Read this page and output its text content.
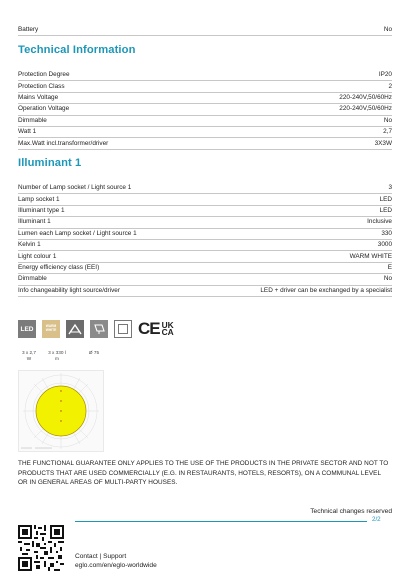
Battery	No
Technical Information
Protection Degree	IP20
Protection Class	2
Mains Voltage	220-240V,50/60Hz
Operation Voltage	220-240V,50/60Hz
Dimmable	No
Watt 1	2,7
Max.Watt incl.transformer/driver	3X3W
Illuminant 1
Number of Lamp socket / Light source 1	3
Lamp socket 1	LED
Illuminant type 1	LED
Illuminant 1	Inclusive
Lumen each Lamp socket / Light source 1	330
Kelvin 1	3000
Light colour 1	WARM WHITE
Energy efficiency class (EEI)	E
Dimmable	No
Info changeability light source/driver	LED + driver can be exchanged by a specialist
LED	WARM
WHITE	CE UK
CA
3 x 2,7
W
3 x 330 l
m
Ø 75
THE FUNCTIONAL GUARANTEE ONLY APPLIES TO THE USE OF THE PRODUCTS IN THE PRIVATE SECTOR AND NOT TO PRODUCTS THAT ARE USED COMMERCIALLY (E.G. IN RESTAURANTS, HOTELS, RESORTS), ON A COMMUNAL LEVEL OR IN GENERAL AREAS OF MULTI-PARTY HOUSES.
Technical changes reserved
2/2
Contact | Support
eglo.com/en/eglo-worldwide
